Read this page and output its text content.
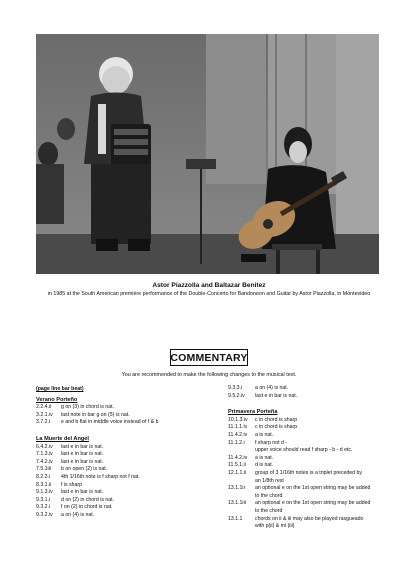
Astor Piazzolla and Baltazar Benitez
in 1985 at the South American première performance of the Double-Concerto for Bandoneon and Guitar by Astor Piazzolla, in Montevideo
COMMENTARY
You are recommended to make the following changes to the musical text.
(page line bar beat)
Verano Porteño
2.2.4.ii	g on (3) in chord is nat.
3.2.1.iv	last note in bar g on (5) is nat.
3.7.2.i	e and b flat in middle voice instead of f & b
La Muerte del Angel
6.4.2.iv	last e in bar is nat.
7.1.3.iv	last e in bar is nat.
7.4.2.iv	last e in bar is nat.
7.5.1iii	b on open (2) is nat.
8.2.3.i	4th 1/16th note is f sharp not f nat.
8.3.1.ii	f is sharp
9.1.3.iv	last e in bar is nat.
9.3.1.i	d on (2) in chord is nat.
9.3.2.i	f on (2) in chord is nat.
9.3.2.iv	a on (4) is nat.
9.3.3.i	a on (4) is nat.
9.5.2.iv	last e in bar is nat.
Primavera Porteña
10.1.3.iv	c in chord is sharp
11.1.1.iv	c in chord is sharp
11.4.2.iv	a is nat.
11.1.2.i	f sharp not d -
upper voice should read f sharp - b - d etc.
11.4.2.iv	a is nat.
11.5.1.ii	d is nat.
12.1.1.ii	group of 3 1/16th notes is a triplet preceded by
an 1/8th rest
13.1.1ii	an optional e on the 1st open string may be added
to the chord
13.1.1iii	an optional e on the 1st open string may be added
to the chord
13.1.1	chords on ii & iii may also be played rasgueado
with p(ii) & mi (iii)
